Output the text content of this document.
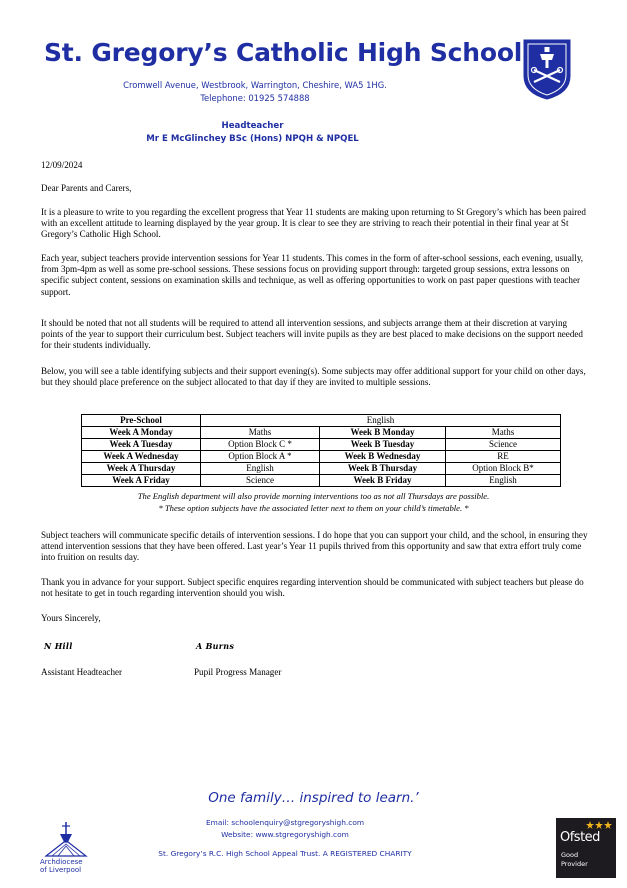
St. Gregory’s Catholic High School
Cromwell Avenue, Westbrook, Warrington, Cheshire, WA5 1HG.
Telephone: 01925 574888
Headteacher
Mr E McGlinchey BSc (Hons) NPQH & NPQEL
12/09/2024
Dear Parents and Carers,
It is a pleasure to write to you regarding the excellent progress that Year 11 students are making upon returning to St Gregory’s which has been paired with an excellent attitude to learning displayed by the year group. It is clear to see they are striving to reach their potential in their final year at St Gregory’s Catholic High School.
Each year, subject teachers provide intervention sessions for Year 11 students. This comes in the form of after-school sessions, each evening, usually, from 3pm-4pm as well as some pre-school sessions. These sessions focus on providing support through: targeted group sessions, extra lessons on specific subject content, sessions on examination skills and technique, as well as offering opportunities to work on past paper questions with teacher support.
It should be noted that not all students will be required to attend all intervention sessions, and subjects arrange them at their discretion at varying points of the year to support their curriculum best. Subject teachers will invite pupils as they are best placed to make decisions on the support needed for their students individually.
Below, you will see a table identifying subjects and their support evening(s). Some subjects may offer additional support for your child on other days, but they should place preference on the subject allocated to that day if they are invited to multiple sessions.
Pre-School	English		
Week A Monday	Maths	Week B Monday	Maths
Week A Tuesday	Option Block C *	Week B Tuesday	Science
Week A Wednesday	Option Block A *	Week B Wednesday	RE
Week A Thursday	English	Week B Thursday	Option Block B*
Week A Friday	Science	Week B Friday	English
The English department will also provide morning interventions too as not all Thursdays are possible.
* These option subjects have the associated letter next to them on your child’s timetable. *
Subject teachers will communicate specific details of intervention sessions. I do hope that you can support your child, and the school, in ensuring they attend intervention sessions that they have been offered. Last year’s Year 11 pupils thrived from this opportunity and saw that extra effort truly come into fruition on results day.
Thank you in advance for your support. Subject specific enquires regarding intervention should be communicated with subject teachers but please do not hesitate to get in touch regarding intervention should you wish.
Yours Sincerely,
N Hill	A Burns
Assistant Headteacher	Pupil Progress Manager
One family… inspired to learn.’
Email: schoolenquiry@stgregoryshigh.com
Website: www.stgregoryshigh.com
St. Gregory’s R.C. High School Appeal Trust. A REGISTERED CHARITY
Archdiocese
of Liverpool
Ofsted
Good
Provider
